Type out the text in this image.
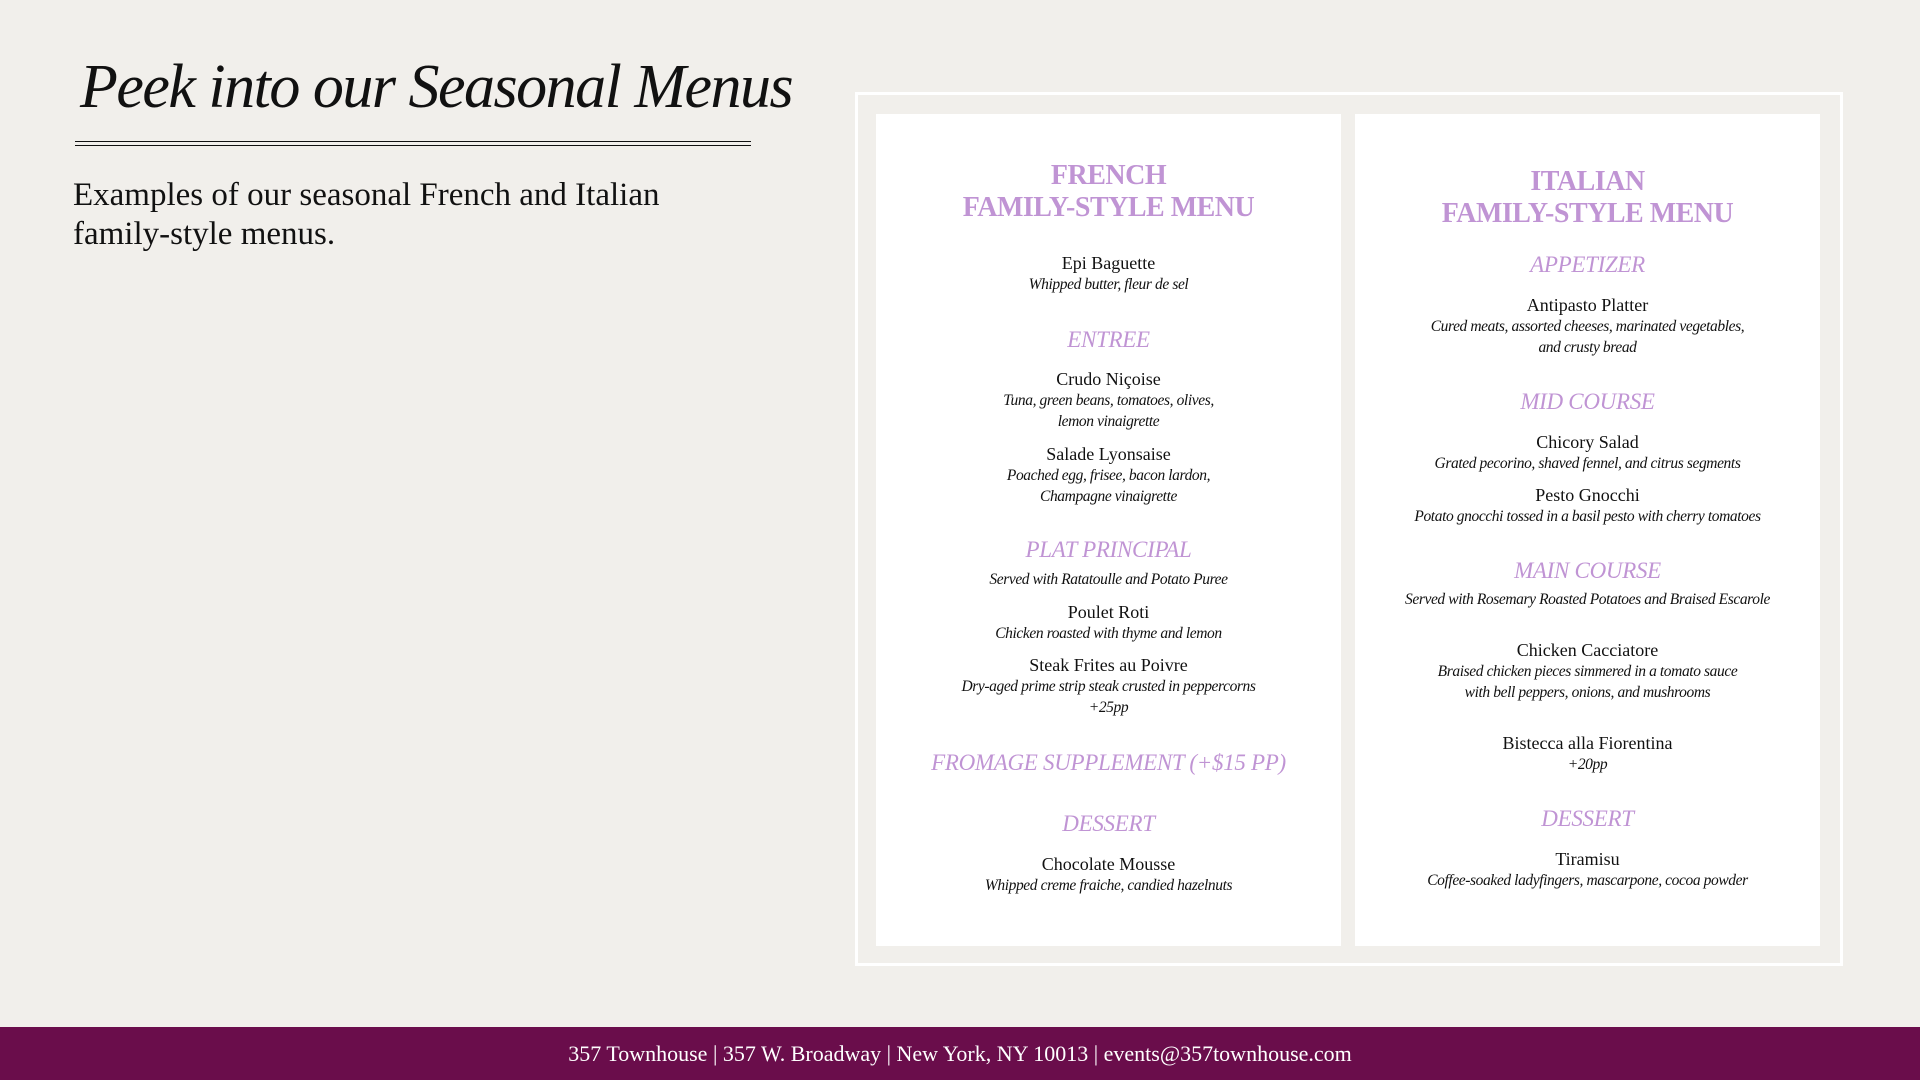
Peek into our Seasonal Menus

Examples of our seasonal French and Italian family-style menus.

FRENCH
FAMILY-STYLE MENU
Epi Baguette
Whipped butter, fleur de sel
ENTREE
Crudo Niçoise
Tuna, green beans, tomatoes, olives,
lemon vinaigrette
Salade Lyonsaise
Poached egg, frisee, bacon lardon,
Champagne vinaigrette
PLAT PRINCIPAL
Served with Ratatoulle and Potato Puree
Poulet Roti
Chicken roasted with thyme and lemon
Steak Frites au Poivre
Dry-aged prime strip steak crusted in peppercorns
+25pp
FROMAGE SUPPLEMENT (+$15 PP)
DESSERT
Chocolate Mousse
Whipped creme fraiche, candied hazelnuts
ITALIAN
FAMILY-STYLE MENU
APPETIZER
Antipasto Platter
Cured meats, assorted cheeses, marinated vegetables,
and crusty bread
MID COURSE
Chicory Salad
Grated pecorino, shaved fennel, and citrus segments
Pesto Gnocchi
Potato gnocchi tossed in a basil pesto with cherry tomatoes
MAIN COURSE
Served with Rosemary Roasted Potatoes and Braised Escarole
Chicken Cacciatore
Braised chicken pieces simmered in a tomato sauce
with bell peppers, onions, and mushrooms
Bistecca alla Fiorentina
+20pp
DESSERT
Tiramisu
Coffee-soaked ladyfingers, mascarpone, cocoa powder
357 Townhouse | 357 W. Broadway | New York, NY 10013 | events@357townhouse.com
